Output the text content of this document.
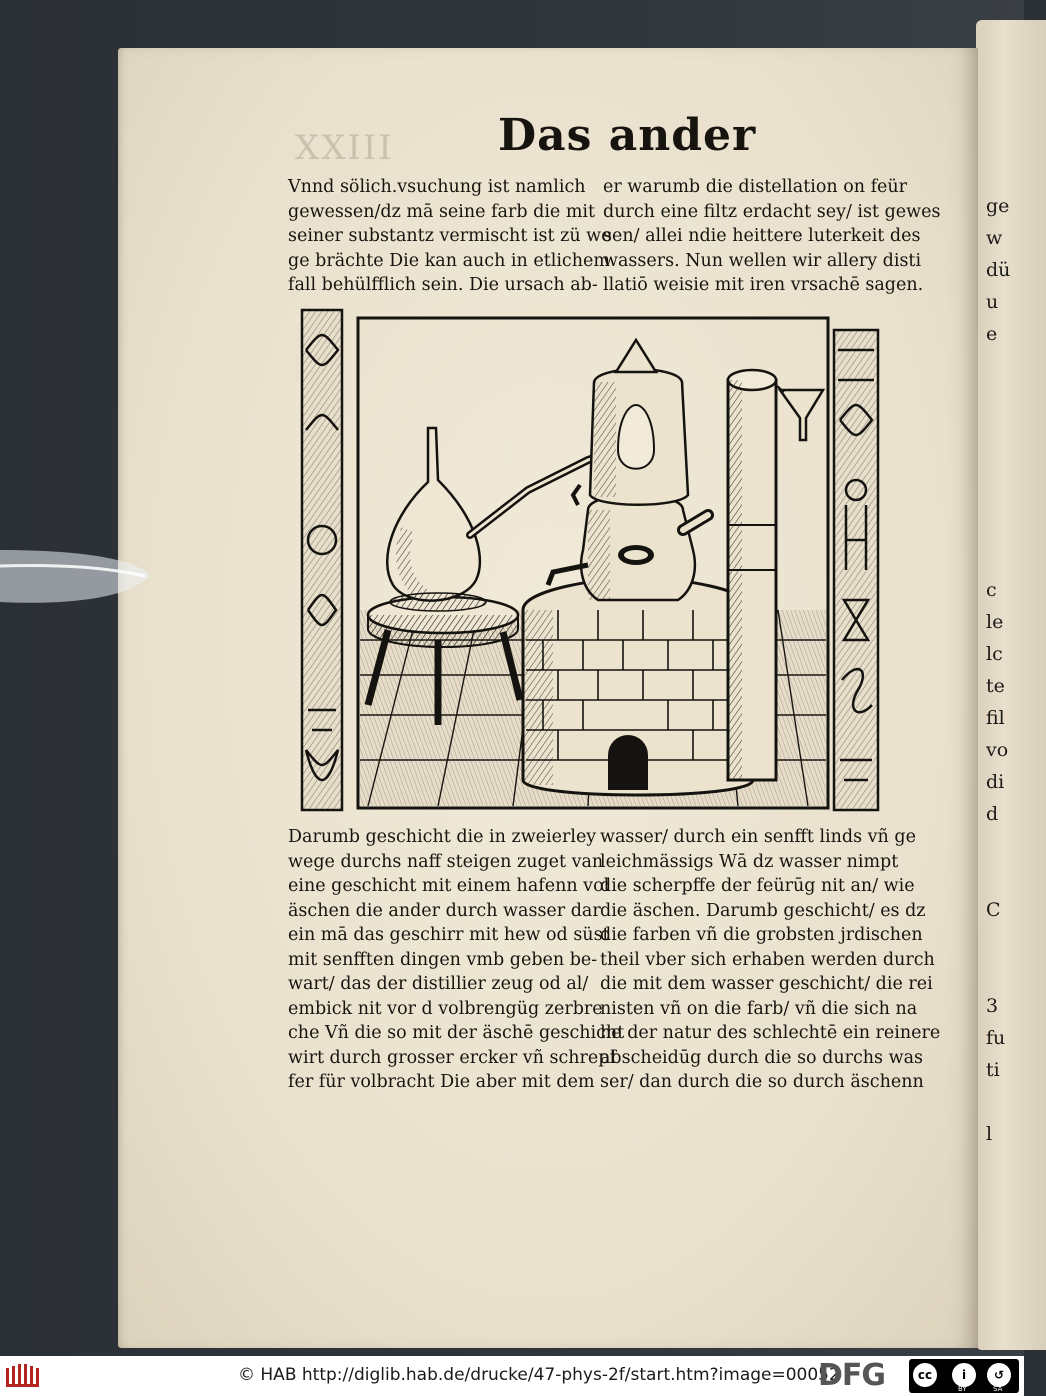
ge
w
dü
u
e

c
le
lc
te
fil
vo
di
d

C

3
fu
ti

l
XXIII Das ander
Vnnd sölich.vsuchung ist namlich
gewessen/dz mā seine farb die mit
seiner substantz vermischt ist zü we
ge brächte Die kan auch in etlichem
fall behülfflich sein. Die ursach ab-
er warumb die distellation on feür
durch eine filtz erdacht sey/ ist gewes
sen/ allei ndie heittere luterkeit des
wassers. Nun wellen wir allery disti
llatiō weisie mit iren vrsachē sagen.
Darumb geschicht die in zweierley
wege durchs naff steigen zuget van
eine geschicht mit einem hafenn vol
äschen die ander durch wasser dar
ein mā das geschirr mit hew od süst
mit senfften dingen vmb geben be-
wart/ das der distillier zeug od al/
embick nit vor d volbrengüg zerbre
che Vñ die so mit der äschē geschicht
wirt durch grosser ercker vñ schrepf
fer für volbracht Die aber mit dem
wasser/ durch ein senfft linds vñ ge
leichmässigs Wā dz wasser nimpt
die scherpffe der feürūg nit an/ wie
die äschen. Darumb geschicht/ es dz
die farben vñ die grobsten jrdischen
theil vber sich erhaben werden durch
die mit dem wasser geschicht/ die rei
nisten vñ on die farb/ vñ die sich na
he der natur des schlechtē ein reinere
abscheidūg durch die so durchs was
ser/ dan durch die so durch äschenn
© HAB http://diglib.hab.de/drucke/47-phys-2f/start.htm?image=00052
DFG	cc	i	↺
BY	SA
